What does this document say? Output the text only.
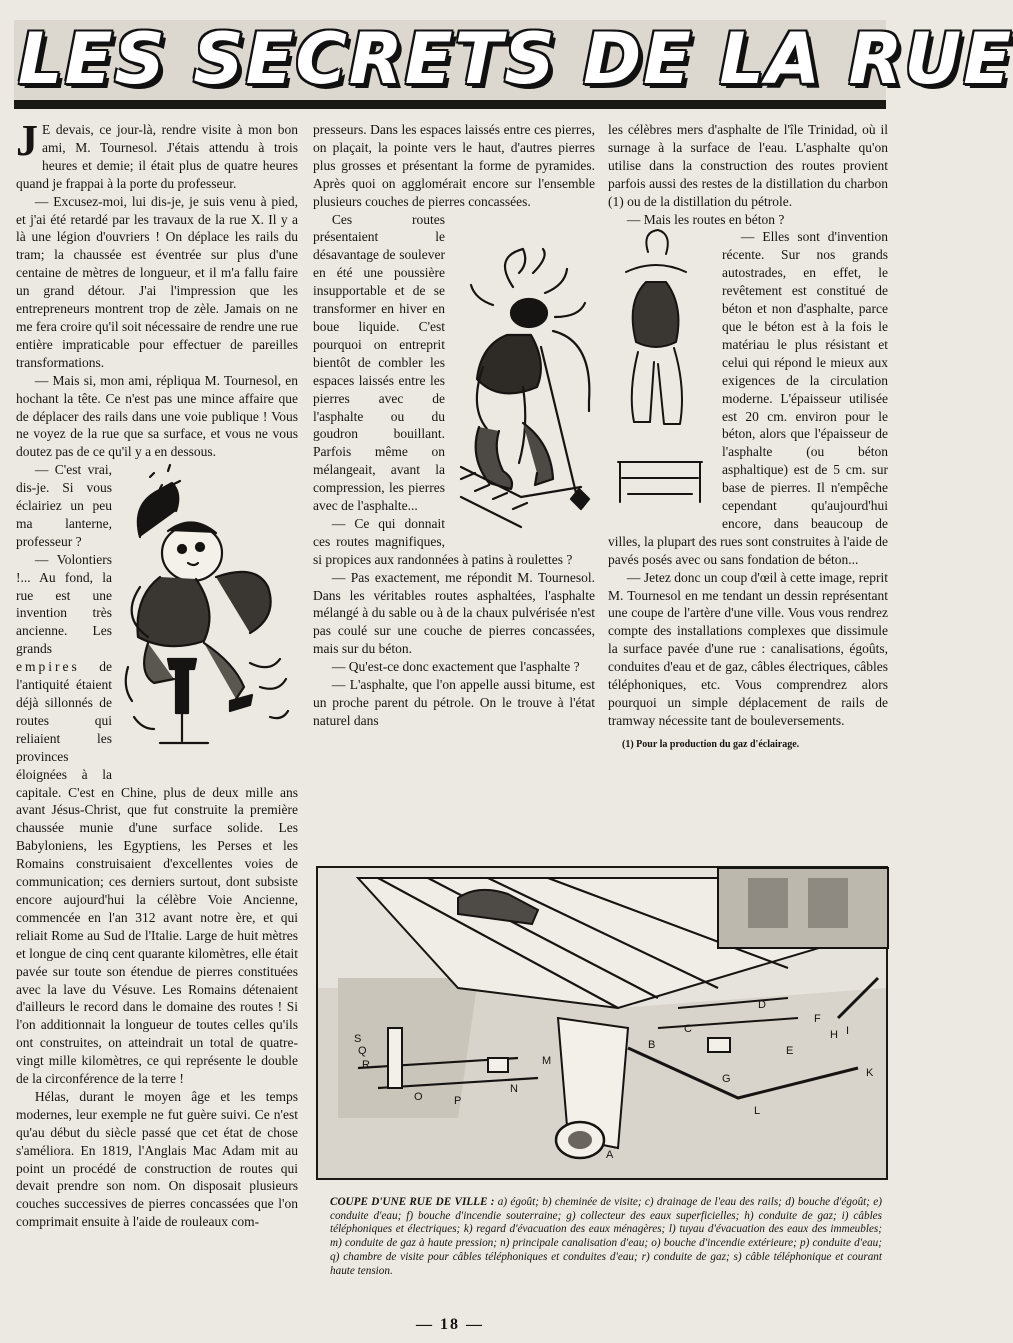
LES SECRETS DE LA RUE

J E devais, ce jour-là, rendre visite à mon bon ami, M. Tournesol. J'étais attendu à trois heures et demie; il était plus de quatre heures quand je frappai à la porte du professeur.

— Excusez-moi, lui dis-je, je suis venu à pied, et j'ai été retardé par les travaux de la rue X. Il y a là une légion d'ouvriers ! On déplace les rails du tram; la chaussée est éventrée sur plus d'une centaine de mètres de longueur, et il m'a fallu faire un grand détour. J'ai l'impression que les entrepreneurs montrent trop de zèle. Jamais on ne me fera croire qu'il soit nécessaire de rendre une rue entière impraticable pour effectuer de pareilles transformations.

— Mais si, mon ami, répliqua M. Tournesol, en hochant la tête. Ce n'est pas une mince affaire que de déplacer des rails dans une voie publique ! Vous ne voyez de la rue que sa surface, et vous ne vous doutez pas de ce qu'il y a en dessous.

— C'est vrai, dis-je. Si vous éclairiez un peu ma lanterne, professeur ?

— Volontiers !... Au fond, la rue est une invention très ancienne. Les grands empires de l'antiquité étaient déjà sillonnés de routes qui reliaient les provinces éloignées à la capitale. C'est en Chine, plus de deux mille ans avant Jésus-Christ, que fut construite la première chaussée munie d'une surface solide. Les Babyloniens, les Egyptiens, les Perses et les Romains construisaient d'excellentes voies de communication; ces derniers surtout, dont subsiste encore aujourd'hui la célèbre Voie Ancienne, commencée en l'an 312 avant notre ère, et qui reliait Rome au Sud de l'Italie. Large de huit mètres et longue de cinq cent quarante kilomètres, elle était pavée sur toute son étendue de pierres constituées avec la lave du Vésuve. Les Romains détenaient d'ailleurs le record dans le domaine des routes ! Si l'on additionnait la longueur de toutes celles qu'ils ont construites, on atteindrait un total de quatre-vingt mille kilomètres, ce qui représente le double de la circonférence de la terre !

Hélas, durant le moyen âge et les temps modernes, leur exemple ne fut guère suivi. Ce n'est qu'au début du siècle passé que cet état de chose s'améliora. En 1819, l'Anglais Mac Adam mit au point un procédé de construction de routes qui devait prendre son nom. On disposait plusieurs couches successives de pierres concassées que l'on comprimait ensuite à l'aide de rouleaux com-

presseurs. Dans les espaces laissés entre ces pierres, on plaçait, la pointe vers le haut, d'autres pierres plus grosses et présentant la forme de pyramides. Après quoi on agglomérait encore sur l'ensemble plusieurs couches de pierres concassées.

Ces routes présentaient le désavantage de soulever en été une poussière insupportable et de se transformer en hiver en boue liquide. C'est pourquoi on entreprit bientôt de combler les espaces laissés entre les pierres avec de l'asphalte ou du goudron bouillant. Parfois même on mélangeait, avant la compression, les pierres avec de l'asphalte...

— Ce qui donnait ces routes magnifiques, si propices aux randonnées à patins à roulettes ?

— Pas exactement, me répondit M. Tournesol. Dans les véritables routes asphaltées, l'asphalte mélangé à du sable ou à de la chaux pulvérisée n'est pas coulé sur une couche de pierres concassées, mais sur du béton.

— Qu'est-ce donc exactement que l'asphalte ?

— L'asphalte, que l'on appelle aussi bitume, est un proche parent du pétrole. On le trouve à l'état naturel dans

les célèbres mers d'asphalte de l'île Trinidad, où il surnage à la surface de l'eau. L'asphalte qu'on utilise dans la construction des routes provient parfois aussi des restes de la distillation du charbon (1) ou de la distillation du pétrole.

— Mais les routes en béton ?

— Elles sont d'invention récente. Sur nos grands autostrades, en effet, le revêtement est constitué de béton et non d'asphalte, parce que le béton est à la fois le matériau le plus résistant et celui qui répond le mieux aux exigences de la circulation moderne. L'épaisseur utilisée est 20 cm. environ pour le béton, alors que l'épaisseur de l'asphalte (ou béton asphaltique) est de 5 cm. sur base de pierres. Il n'empêche cependant qu'aujourd'hui encore, dans beaucoup de villes, la plupart des rues sont construites à l'aide de pavés posés avec ou sans fondation de béton...

— Jetez donc un coup d'œil à cette image, reprit M. Tournesol en me tendant un dessin représentant une coupe de l'artère d'une ville. Vous vous rendrez compte des installations complexes que dissimule la surface pavée d'une rue : canalisations, égoûts, conduites d'eau et de gaz, câbles électriques, câbles téléphoniques, etc. Vous comprendrez alors pourquoi un simple déplacement de rails de tramway nécessite tant de bouleversements.

(1) Pour la production du gaz d'éclairage.

A
B
C
D
E
F
G
H I
K
L
M
N
O	P
Q
R
S
COUPE D'UNE RUE DE VILLE : a) égoût; b) cheminée de visite; c) drainage de l'eau des rails; d) bouche d'égoût; e) conduite d'eau; f) bouche d'incendie souterraine; g) collecteur des eaux superficielles; h) conduite de gaz; i) câbles téléphoniques et électriques; k) regard d'évacuation des eaux ménagères; l) tuyau d'évacuation des eaux des immeubles; m) conduite de gaz à haute pression; n) principale canalisation d'eau; o) bouche d'incendie extérieure; p) conduite d'eau; q) chambre de visite pour câbles téléphoniques et conduites d'eau; r) conduite de gaz; s) câble téléphonique et courant haute tension.
— 18 —
